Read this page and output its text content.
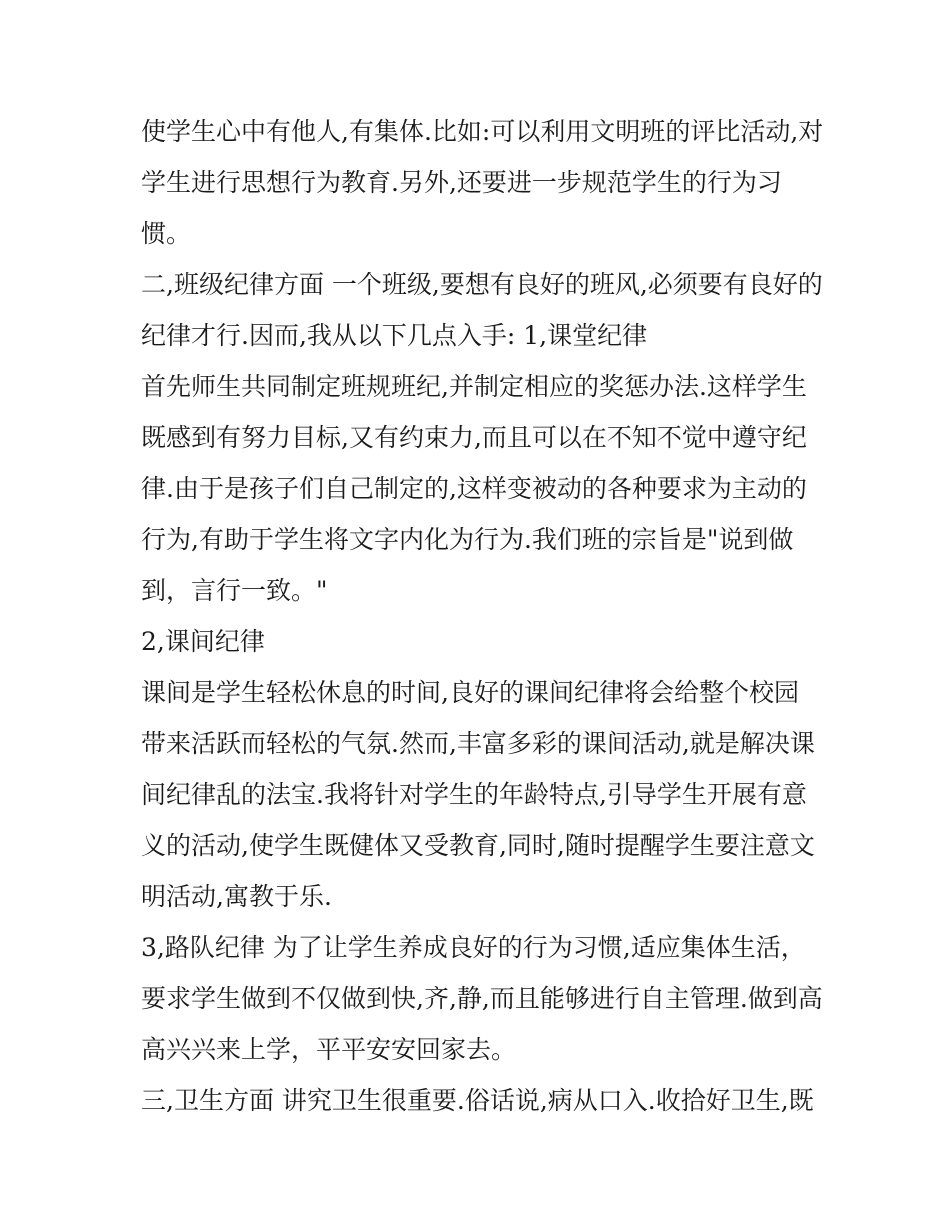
使学生心中有他人,有集体.比如:可以利用文明班的评比活动,对
学生进行思想行为教育.另外,还要进一步规范学生的行为习
惯。
二,班级纪律方面 一个班级,要想有良好的班风,必须要有良好的
纪律才行.因而,我从以下几点入手: 1,课堂纪律
首先师生共同制定班规班纪,并制定相应的奖惩办法.这样学生
既感到有努力目标,又有约束力,而且可以在不知不觉中遵守纪
律.由于是孩子们自己制定的,这样变被动的各种要求为主动的
行为,有助于学生将文字内化为行为.我们班的宗旨是"说到做
到，言行一致。"
2,课间纪律
课间是学生轻松休息的时间,良好的课间纪律将会给整个校园
带来活跃而轻松的气氛.然而,丰富多彩的课间活动,就是解决课
间纪律乱的法宝.我将针对学生的年龄特点,引导学生开展有意
义的活动,使学生既健体又受教育,同时,随时提醒学生要注意文
明活动,寓教于乐.
3,路队纪律 为了让学生养成良好的行为习惯,适应集体生活，
要求学生做到不仅做到快,齐,静,而且能够进行自主管理.做到高
高兴兴来上学，平平安安回家去。
三,卫生方面 讲究卫生很重要.俗话说,病从口入.收拾好卫生,既
